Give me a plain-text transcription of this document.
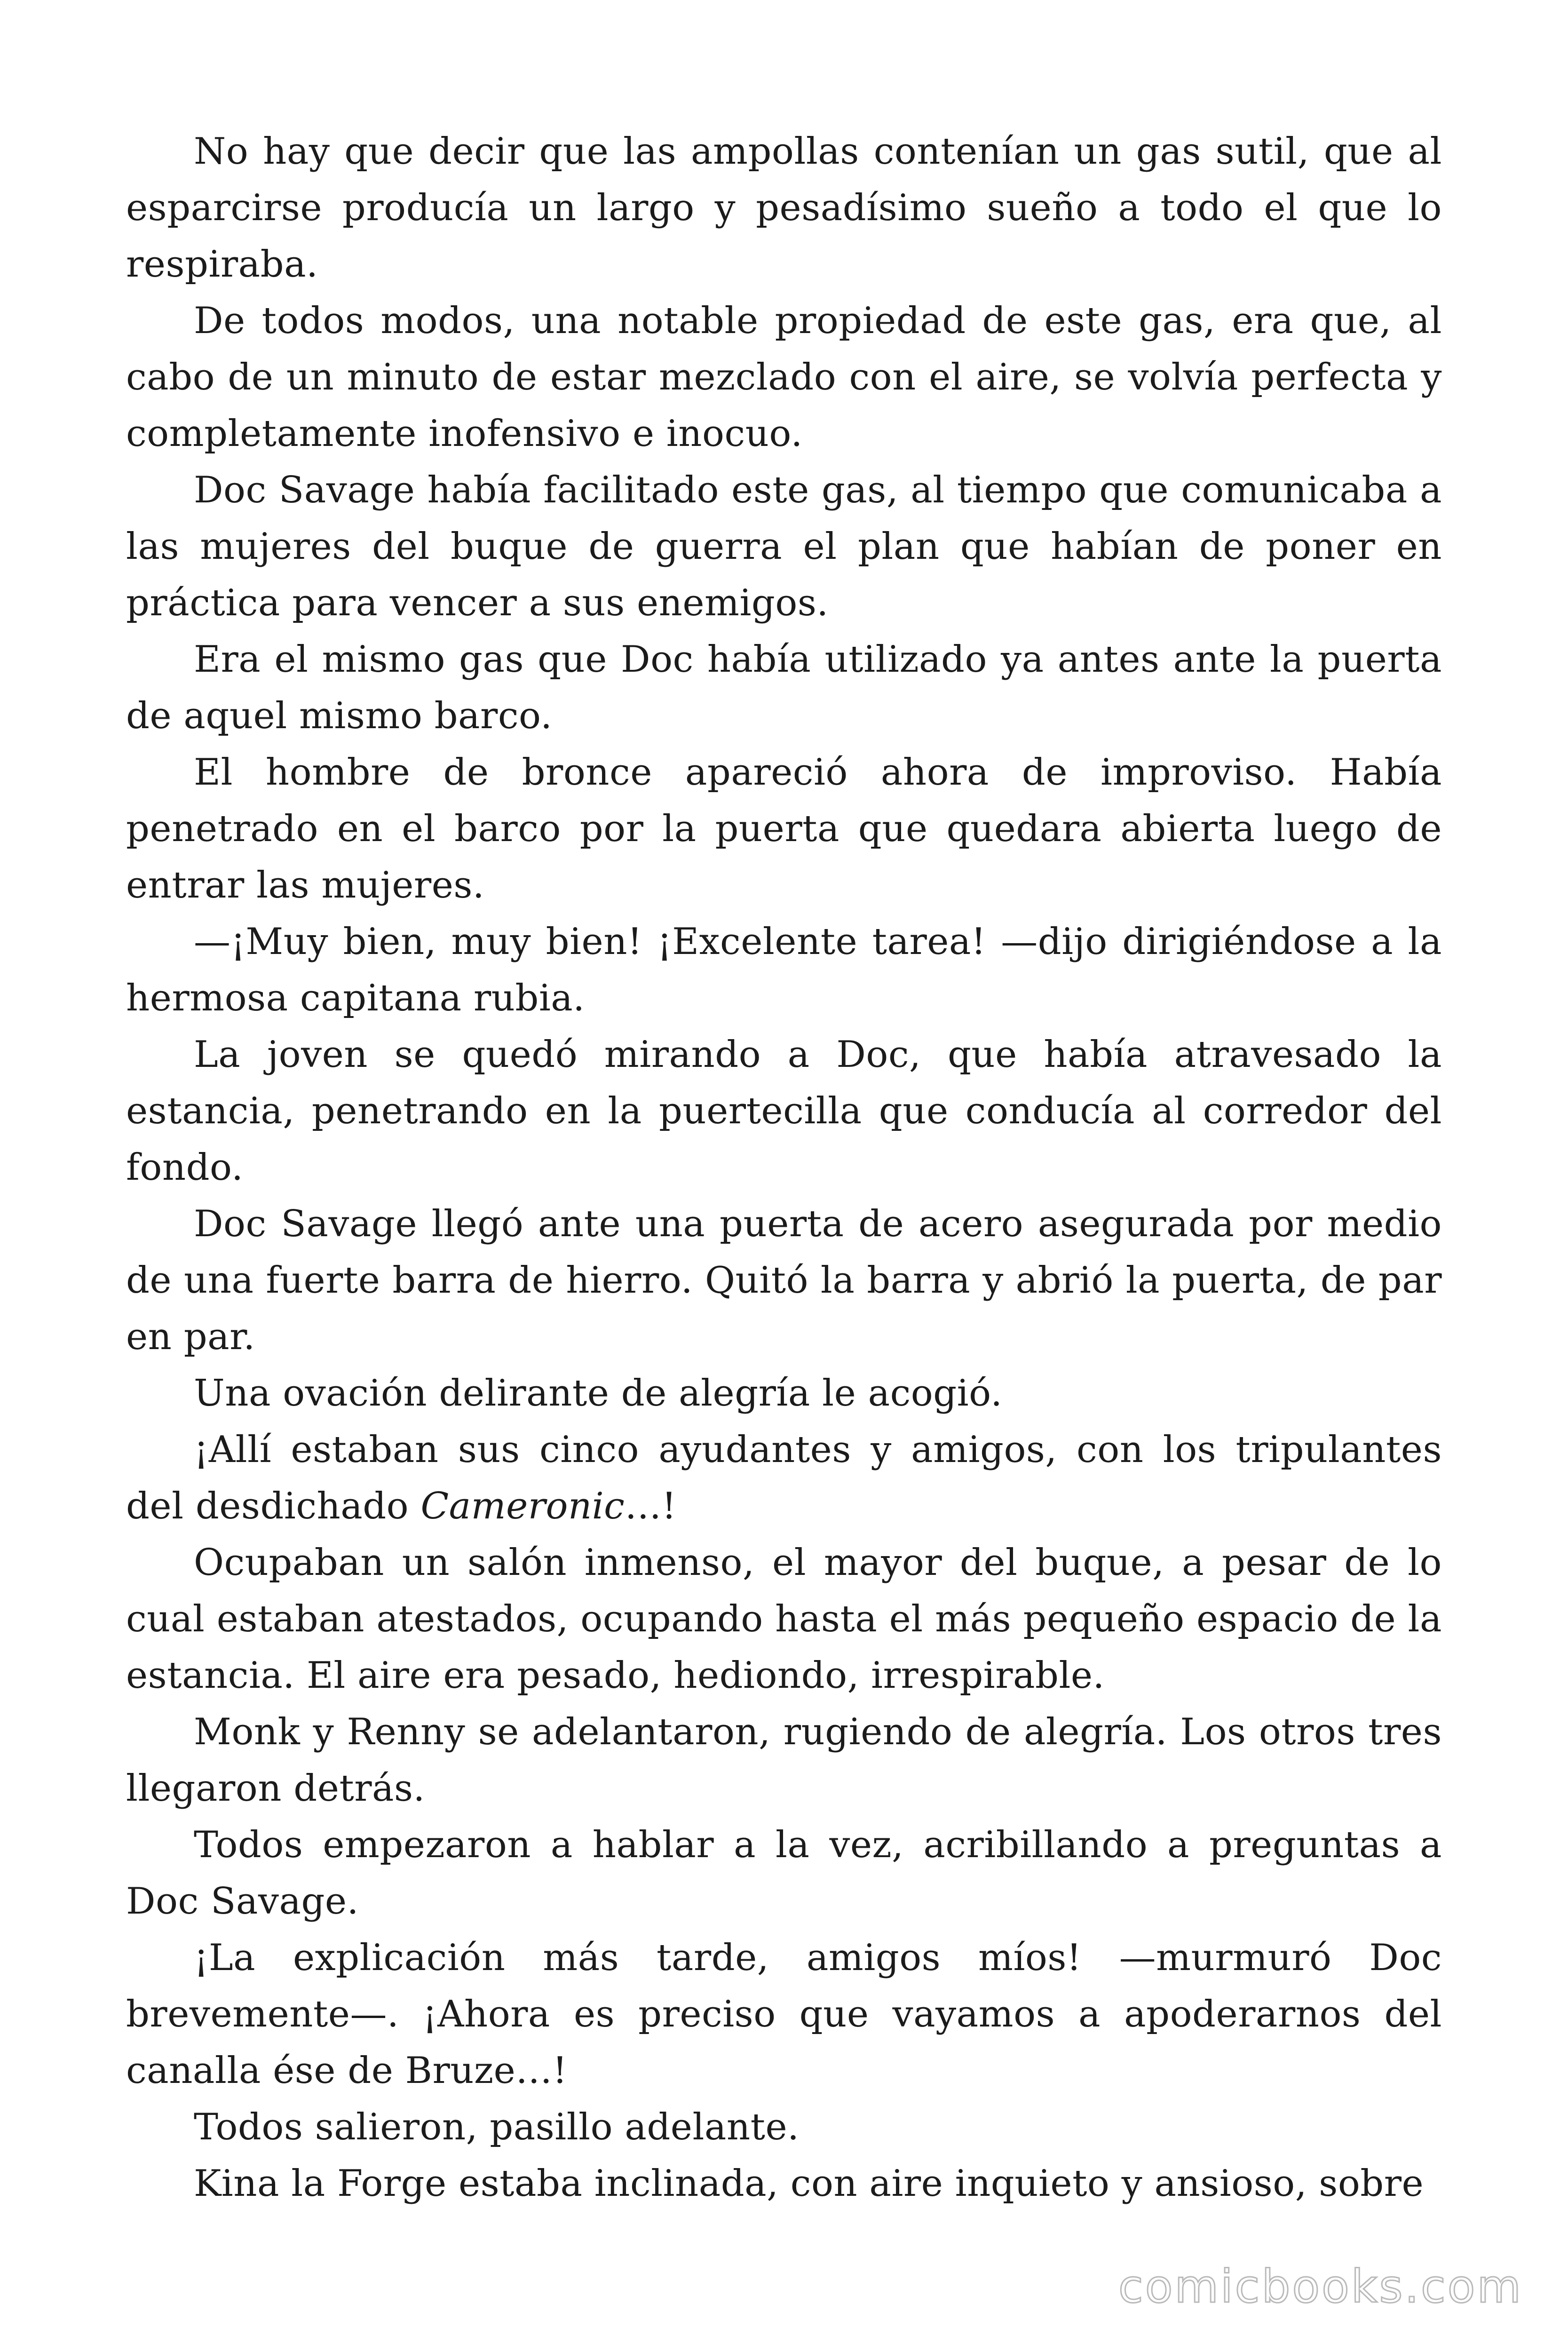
No hay que decir que las ampollas contenían un gas sutil, que al esparcirse producía un largo y pesadísimo sueño a todo el que lo respiraba.

De todos modos, una notable propiedad de este gas, era que, al cabo de un minuto de estar mezclado con el aire, se volvía perfecta y completamente inofensivo e inocuo.

Doc Savage había facilitado este gas, al tiempo que comunicaba a las mujeres del buque de guerra el plan que habían de poner en práctica para vencer a sus enemigos.

Era el mismo gas que Doc había utilizado ya antes ante la puerta de aquel mismo barco.

El hombre de bronce apareció ahora de improviso. Había penetrado en el barco por la puerta que quedara abierta luego de entrar las mujeres.

—¡Muy bien, muy bien! ¡Excelente tarea! —dijo dirigiéndose a la hermosa capitana rubia.

La joven se quedó mirando a Doc, que había atravesado la estancia, penetrando en la puertecilla que conducía al corredor del fondo.

Doc Savage llegó ante una puerta de acero asegurada por medio de una fuerte barra de hierro. Quitó la barra y abrió la puerta, de par en par.

Una ovación delirante de alegría le acogió.

¡Allí estaban sus cinco ayudantes y amigos, con los tripulantes del desdichado Cameronic…!

Ocupaban un salón inmenso, el mayor del buque, a pesar de lo cual estaban atestados, ocupando hasta el más pequeño espacio de la estancia. El aire era pesado, hediondo, irrespirable.

Monk y Renny se adelantaron, rugiendo de alegría. Los otros tres llegaron detrás.

Todos empezaron a hablar a la vez, acribillando a preguntas a Doc Savage.

¡La explicación más tarde, amigos míos! —murmuró Doc brevemente—. ¡Ahora es preciso que vayamos a apoderarnos del canalla ése de Bruze…!

Todos salieron, pasillo adelante.

Kina la Forge estaba inclinada, con aire inquieto y ansioso, sobre

comicbooks.com
